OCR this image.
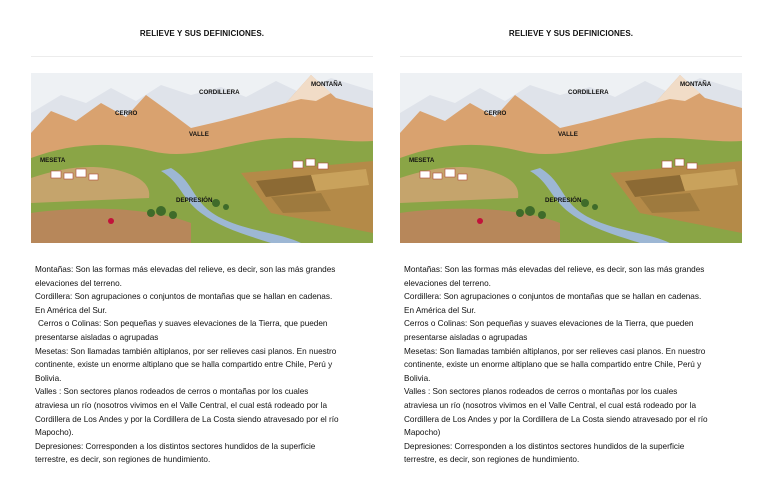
RELIEVE Y SUS DEFINICIONES.
MONTAÑA
CORDILLERA
CERRO
VALLE
MESETA
DEPRESIÓN

Montañas: Son las formas más elevadas del relieve, es decir, son las más grandes

elevaciones del terreno.

Cordillera: Son agrupaciones o conjuntos de montañas que se hallan en cadenas.

En América del Sur.

Cerros o Colinas: Son pequeñas y suaves elevaciones de la Tierra, que pueden

presentarse aisladas o agrupadas

Mesetas: Son llamadas también altiplanos, por ser relieves casi planos. En nuestro

continente, existe un enorme altiplano que se halla compartido entre Chile, Perú y

Bolivia.

Valles : Son sectores planos rodeados de cerros o montañas por los cuales

atraviesa un río (nosotros vivimos en el Valle Central, el cual está rodeado por la

Cordillera de Los Andes y por la Cordillera de La Costa siendo atravesado por el río

Mapocho).

Depresiones: Corresponden a los distintos sectores hundidos de la superficie

terrestre, es decir, son regiones de hundimiento.

RELIEVE Y SUS DEFINICIONES.
MONTAÑA
CORDILLERA
CERRO
VALLE
MESETA
DEPRESIÓN

Montañas: Son las formas más elevadas del relieve, es decir, son las más grandes

elevaciones del terreno.

Cordillera: Son agrupaciones o conjuntos de montañas que se hallan en cadenas.

En América del Sur.

Cerros o Colinas: Son pequeñas y suaves elevaciones de la Tierra, que pueden

presentarse aisladas o agrupadas

Mesetas: Son llamadas también altiplanos, por ser relieves casi planos. En nuestro

continente, existe un enorme altiplano que se halla compartido entre Chile, Perú y

Bolivia.

Valles : Son sectores planos rodeados de cerros o montañas por los cuales

atraviesa un río (nosotros vivimos en el Valle Central, el cual está rodeado por la

Cordillera de Los Andes y por la Cordillera de La Costa siendo atravesado por el río

Mapocho)

Depresiones: Corresponden a los distintos sectores hundidos de la superficie

terrestre, es decir, son regiones de hundimiento.
